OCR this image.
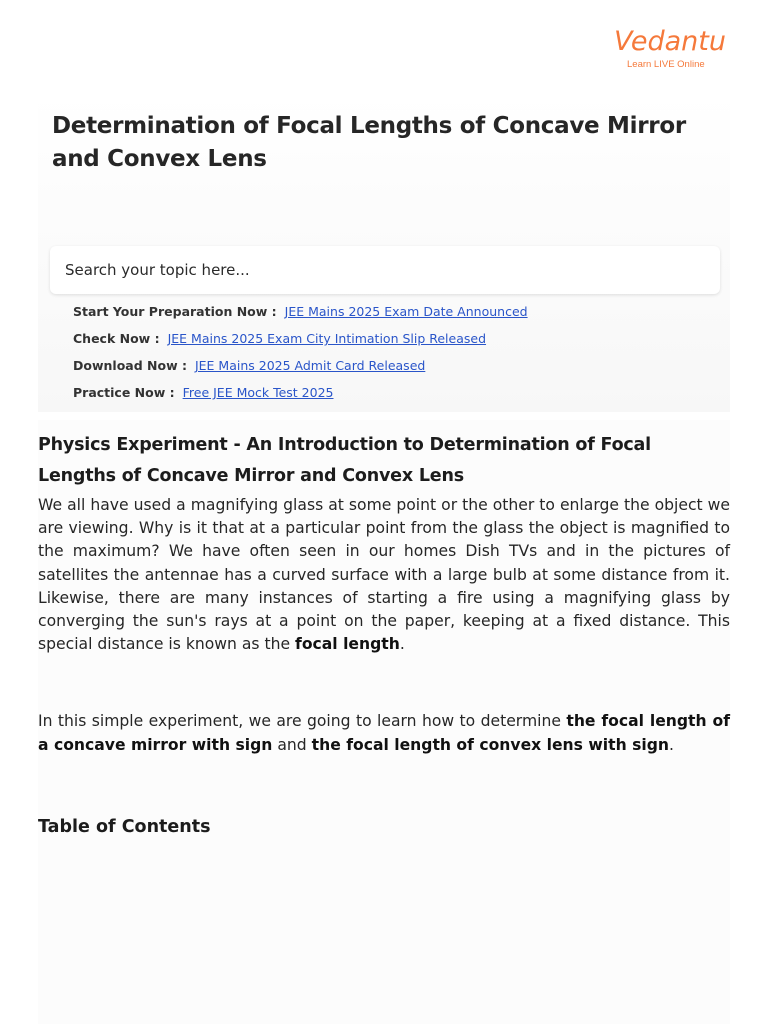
Vedantu
Learn LIVE Online
Determination of Focal Lengths of Concave Mirror and Convex Lens
Search your topic here...
Start Your Preparation Now : JEE Mains 2025 Exam Date Announced
Check Now : JEE Mains 2025 Exam City Intimation Slip Released
Download Now : JEE Mains 2025 Admit Card Released
Practice Now : Free JEE Mock Test 2025
Physics Experiment - An Introduction to Determination of Focal Lengths of Concave Mirror and Convex Lens

We all have used a magnifying glass at some point or the other to enlarge the object we are viewing. Why is it that at a particular point from the glass the object is magnified to the maximum? We have often seen in our homes Dish TVs and in the pictures of satellites the antennae has a curved surface with a large bulb at some distance from it. Likewise, there are many instances of starting a fire using a magnifying glass by converging the sun's rays at a point on the paper, keeping at a fixed distance. This special distance is known as the focal length.

In this simple experiment, we are going to learn how to determine the focal length of a concave mirror with sign and the focal length of convex lens with sign.

Table of Contents
